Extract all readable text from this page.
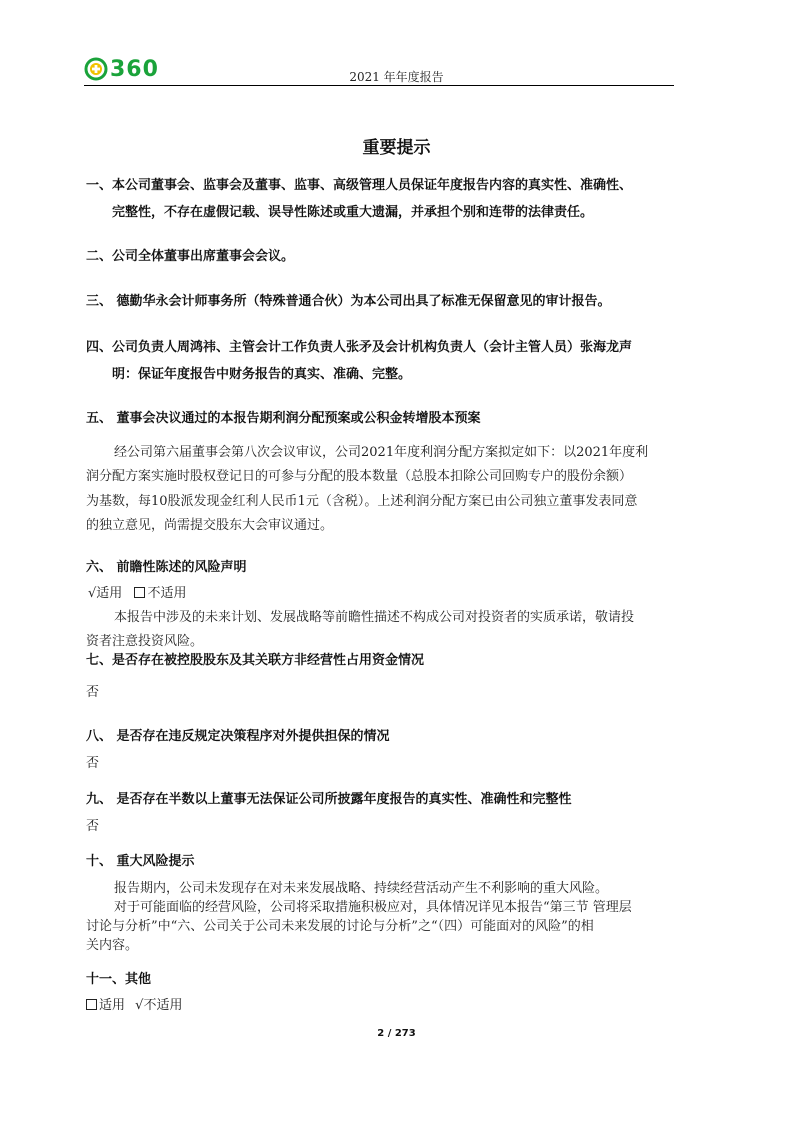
360	2021 年年度报告
重要提示
一、本公司董事会、监事会及董事、监事、高级管理人员保证年度报告内容的真实性、准确性、
完整性，不存在虚假记载、误导性陈述或重大遗漏，并承担个别和连带的法律责任。
二、公司全体董事出席董事会会议。
三、 德勤华永会计师事务所（特殊普通合伙）为本公司出具了标准无保留意见的审计报告。
四、公司负责人周鸿祎、主管会计工作负责人张矛及会计机构负责人（会计主管人员）张海龙声
明：保证年度报告中财务报告的真实、准确、完整。
五、 董事会决议通过的本报告期利润分配预案或公积金转增股本预案
经公司第六届董事会第八次会议审议，公司2021年度利润分配方案拟定如下：以2021年度利
润分配方案实施时股权登记日的可参与分配的股本数量（总股本扣除公司回购专户的股份余额）
为基数，每10股派发现金红利人民币1元（含税）。上述利润分配方案已由公司独立董事发表同意
的独立意见，尚需提交股东大会审议通过。
六、 前瞻性陈述的风险声明
√适用 不适用
本报告中涉及的未来计划、发展战略等前瞻性描述不构成公司对投资者的实质承诺，敬请投
资者注意投资风险。
七、是否存在被控股股东及其关联方非经营性占用资金情况
否
八、 是否存在违反规定决策程序对外提供担保的情况
否
九、 是否存在半数以上董事无法保证公司所披露年度报告的真实性、准确性和完整性
否
十、 重大风险提示
报告期内，公司未发现存在对未来发展战略、持续经营活动产生不利影响的重大风险。
对于可能面临的经营风险，公司将采取措施积极应对，具体情况详见本报告“第三节 管理层
讨论与分析”中“六、公司关于公司未来发展的讨论与分析”之“（四）可能面对的风险”的相
关内容。
十一、其他
适用 √不适用
2 / 273
